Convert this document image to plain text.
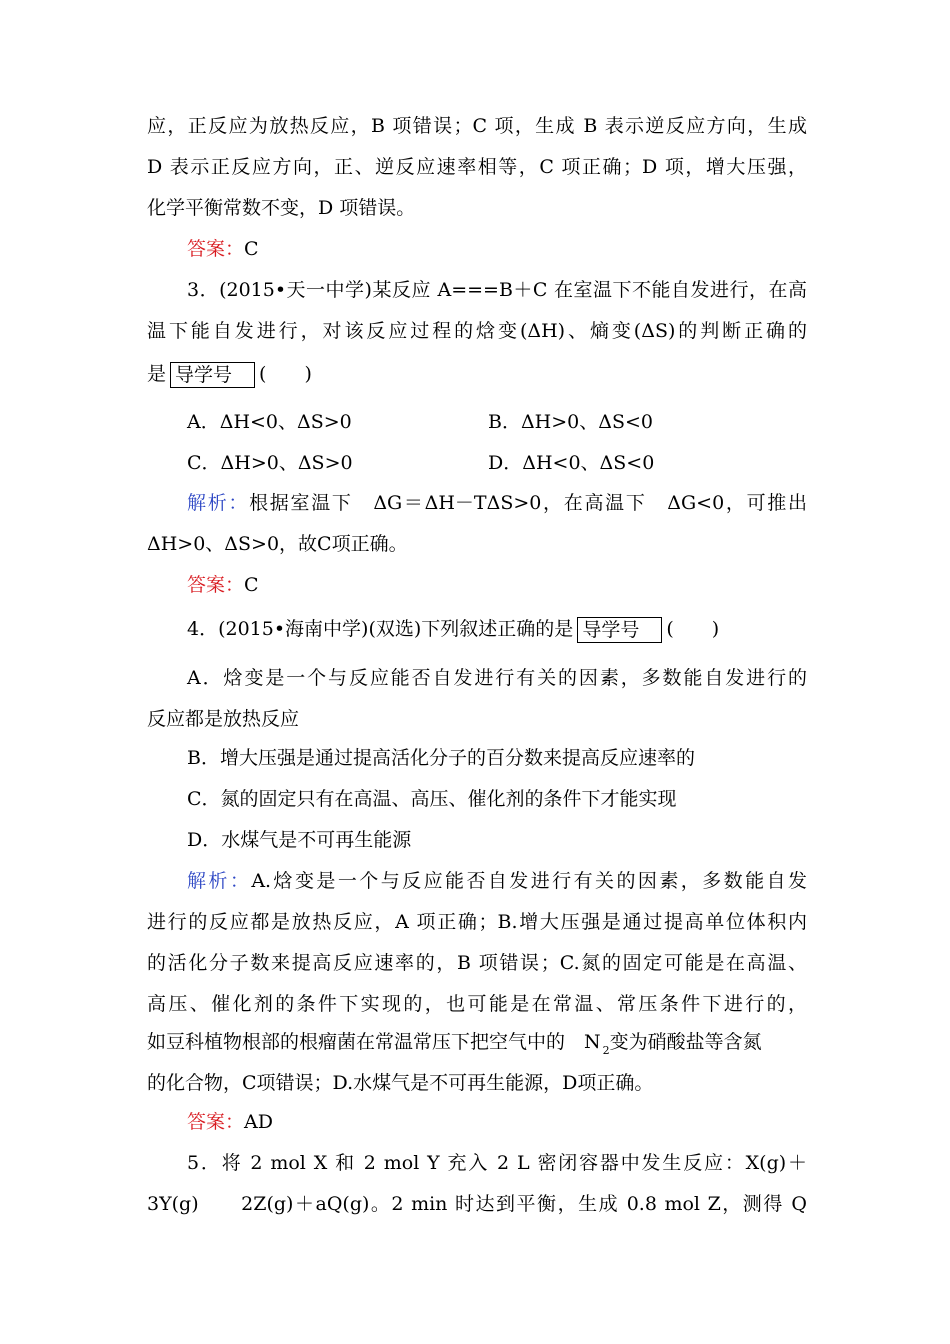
应，正反应为放热反应，B 项错误；C 项，生成 B 表示逆反应方向，生成
D 表示正反应方向，正、逆反应速率相等，C 项正确；D 项，增大压强，
化学平衡常数不变，D 项错误。
答案：C
3．(2015•天一中学)某反应 A===B＋C 在室温下不能自发进行，在高
温下能自发进行，对该反应过程的焓变(ΔH)、熵变(ΔS)的判断正确的
是 导学号 (　　)
A．ΔH<0、ΔS>0	B．ΔH>0、ΔS<0
C．ΔH>0、ΔS>0	D．ΔH<0、ΔS<0
解析：根据室温下　ΔG＝ΔH－TΔS>0，在高温下　ΔG<0，可推出
ΔH>0、ΔS>0，故C项正确。
答案：C
4．(2015•海南中学)(双选)下列叙述正确的是 导学号 (　　)
A．焓变是一个与反应能否自发进行有关的因素，多数能自发进行的
反应都是放热反应
B．增大压强是通过提高活化分子的百分数来提高反应速率的
C．氮的固定只有在高温、高压、催化剂的条件下才能实现
D．水煤气是不可再生能源
解析：A.焓变是一个与反应能否自发进行有关的因素，多数能自发
进行的反应都是放热反应，A 项正确；B.增大压强是通过提高单位体积内
的活化分子数来提高反应速率的，B 项错误；C.氮的固定可能是在高温、
高压、催化剂的条件下实现的，也可能是在常温、常压条件下进行的，
如豆科植物根部的根瘤菌在常温常压下把空气中的　N $_2$变为硝酸盐等含氮
的化合物，C项错误；D.水煤气是不可再生能源，D项正确。
答案：AD
5．将 2 mol X 和 2 mol Y 充入 2 L 密闭容器中发生反应：X(g)＋
3Y(g)　　2Z(g)＋aQ(g)。2 min 时达到平衡，生成 0.8 mol Z，测得 Q
